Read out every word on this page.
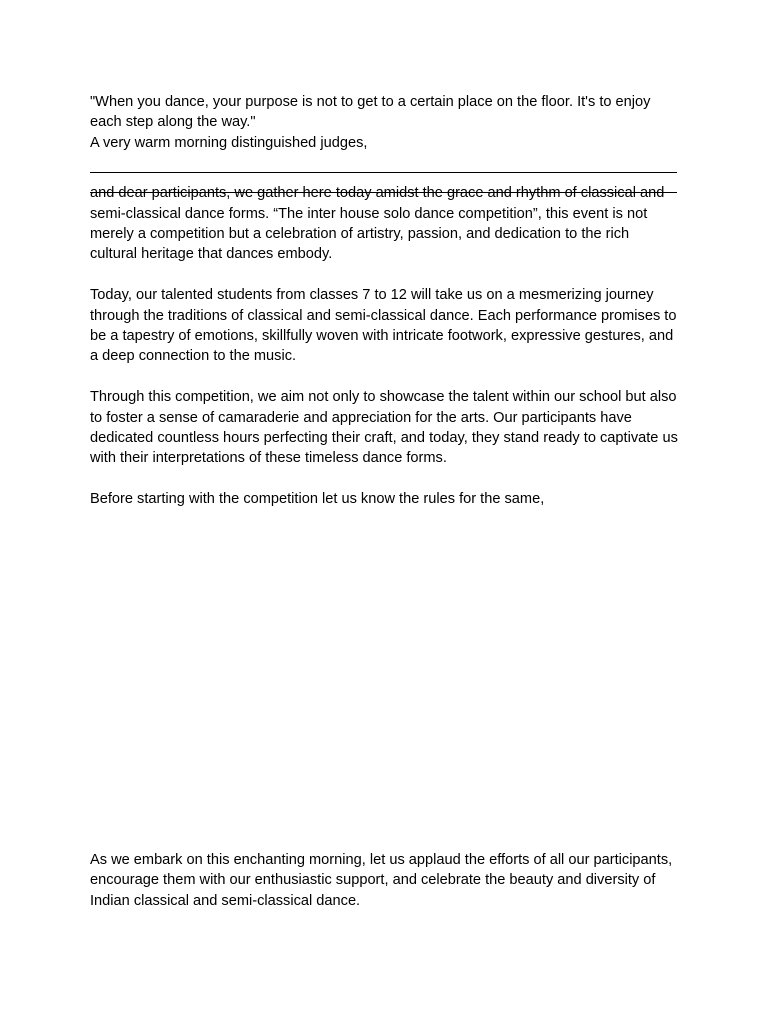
"When you dance, your purpose is not to get to a certain place on the floor. It's to enjoy

each step along the way."

A very warm morning distinguished judges,

and dear participants, we gather here today amidst the grace and rhythm of classical and semi-classical dance forms. “The inter house solo dance competition”, this event is not merely a competition but a celebration of artistry, passion, and dedication to the rich cultural heritage that dances embody.

Today, our talented students from classes 7 to 12 will take us on a mesmerizing journey through the traditions of classical and semi-classical dance. Each performance promises to be a tapestry of emotions, skillfully woven with intricate footwork, expressive gestures, and a deep connection to the music.

Through this competition, we aim not only to showcase the talent within our school but also to foster a sense of camaraderie and appreciation for the arts. Our participants have dedicated countless hours perfecting their craft, and today, they stand ready to captivate us with their interpretations of these timeless dance forms.

Before starting with the competition let us know the rules for the same,

As we embark on this enchanting morning, let us applaud the efforts of all our participants, encourage them with our enthusiastic support, and celebrate the beauty and diversity of Indian classical and semi-classical dance.
